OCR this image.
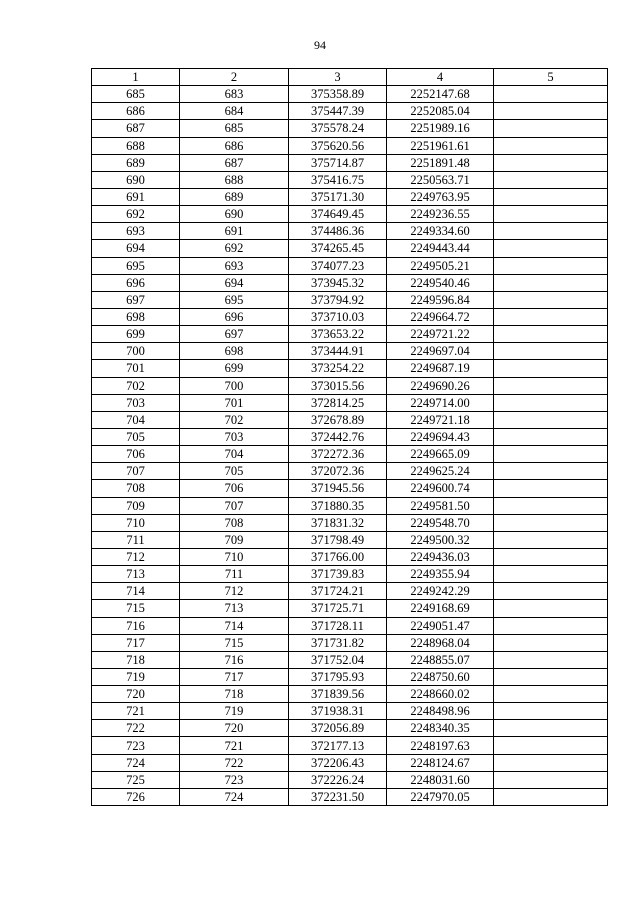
94
1	2	3	4	5
685	683	375358.89	2252147.68	
686	684	375447.39	2252085.04	
687	685	375578.24	2251989.16	
688	686	375620.56	2251961.61	
689	687	375714.87	2251891.48	
690	688	375416.75	2250563.71	
691	689	375171.30	2249763.95	
692	690	374649.45	2249236.55	
693	691	374486.36	2249334.60	
694	692	374265.45	2249443.44	
695	693	374077.23	2249505.21	
696	694	373945.32	2249540.46	
697	695	373794.92	2249596.84	
698	696	373710.03	2249664.72	
699	697	373653.22	2249721.22	
700	698	373444.91	2249697.04	
701	699	373254.22	2249687.19	
702	700	373015.56	2249690.26	
703	701	372814.25	2249714.00	
704	702	372678.89	2249721.18	
705	703	372442.76	2249694.43	
706	704	372272.36	2249665.09	
707	705	372072.36	2249625.24	
708	706	371945.56	2249600.74	
709	707	371880.35	2249581.50	
710	708	371831.32	2249548.70	
711	709	371798.49	2249500.32	
712	710	371766.00	2249436.03	
713	711	371739.83	2249355.94	
714	712	371724.21	2249242.29	
715	713	371725.71	2249168.69	
716	714	371728.11	2249051.47	
717	715	371731.82	2248968.04	
718	716	371752.04	2248855.07	
719	717	371795.93	2248750.60	
720	718	371839.56	2248660.02	
721	719	371938.31	2248498.96	
722	720	372056.89	2248340.35	
723	721	372177.13	2248197.63	
724	722	372206.43	2248124.67	
725	723	372226.24	2248031.60	
726	724	372231.50	2247970.05	
